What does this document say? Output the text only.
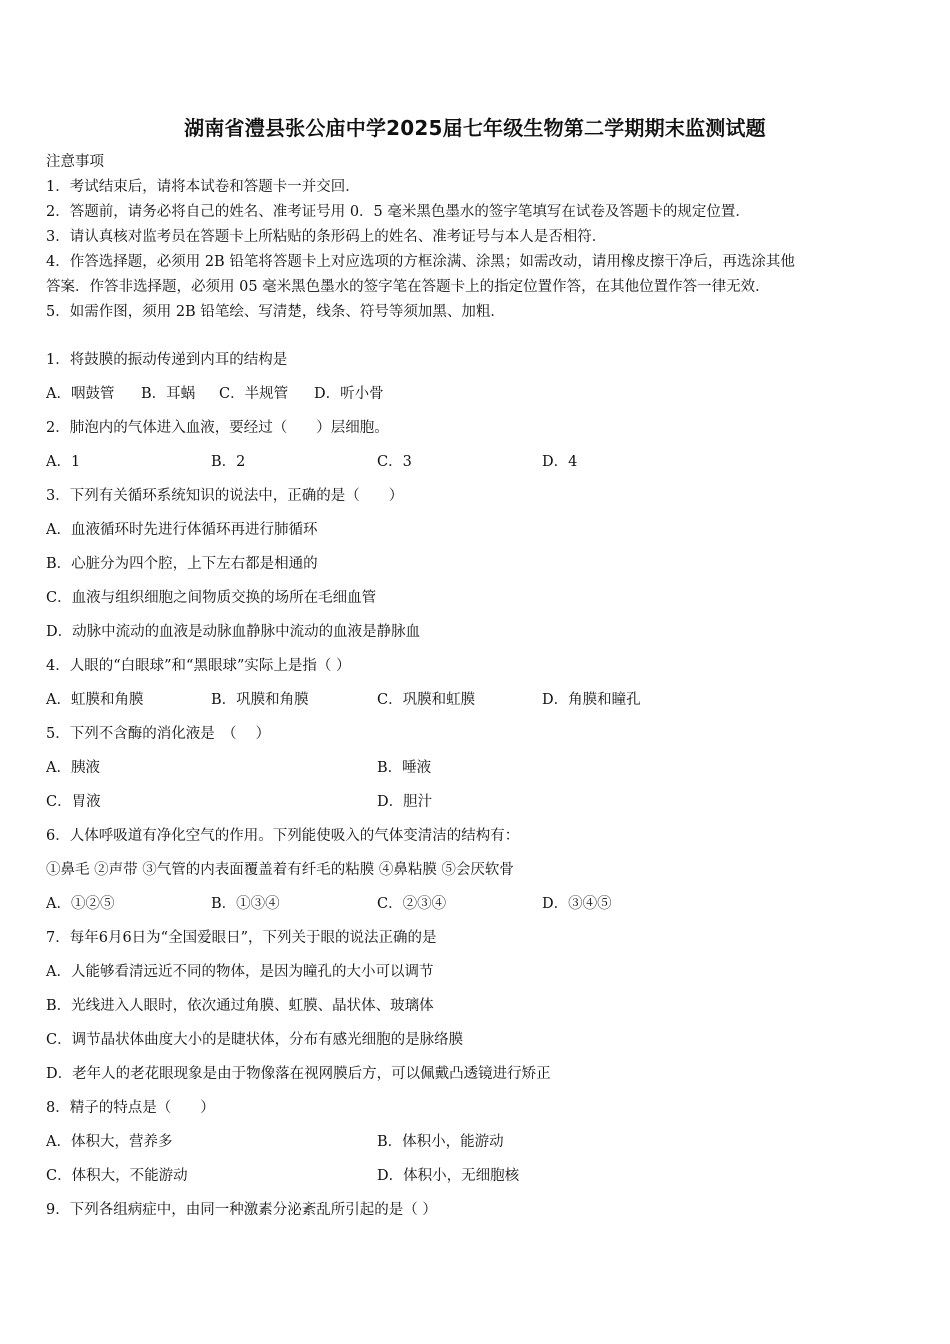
湖南省澧县张公庙中学2025届七年级生物第二学期期末监测试题
注意事项
1．考试结束后，请将本试卷和答题卡一并交回．
2．答题前，请务必将自己的姓名、准考证号用 0．5 毫米黑色墨水的签字笔填写在试卷及答题卡的规定位置．
3．请认真核对监考员在答题卡上所粘贴的条形码上的姓名、准考证号与本人是否相符．
4．作答选择题，必须用 2B 铅笔将答题卡上对应选项的方框涂满、涂黑；如需改动，请用橡皮擦干净后，再选涂其他
答案．作答非选择题，必须用 05 毫米黑色墨水的签字笔在答题卡上的指定位置作答，在其他位置作答一律无效．
5．如需作图，须用 2B 铅笔绘、写清楚，线条、符号等须加黑、加粗．
1．将鼓膜的振动传递到内耳的结构是
A．咽鼓管 B．耳蜗 C．半规管 D．听小骨
2．肺泡内的气体进入血液，要经过（　　）层细胞。
A．1	B．2	C．3	D．4
3．下列有关循环系统知识的说法中，正确的是（　　）
A．血液循环时先进行体循环再进行肺循环
B．心脏分为四个腔，上下左右都是相通的
C．血液与组织细胞之间物质交换的场所在毛细血管
D．动脉中流动的血液是动脉血静脉中流动的血液是静脉血
4．人眼的“白眼球”和“黑眼球”实际上是指（ ）
A．虹膜和角膜	B．巩膜和角膜	C．巩膜和虹膜	D．角膜和瞳孔
5．下列不含酶的消化液是　（　 ）
A．胰液	B．唾液
C．胃液	D．胆汁
6．人体呼吸道有净化空气的作用。下列能使吸入的气体变清洁的结构有：
①鼻毛 ②声带 ③气管的内表面覆盖着有纤毛的粘膜 ④鼻粘膜 ⑤会厌软骨
A．①②⑤	B．①③④	C．②③④	D．③④⑤
7．每年6月6日为“全国爱眼日”，下列关于眼的说法正确的是
A．人能够看清远近不同的物体，是因为瞳孔的大小可以调节
B．光线进入人眼时，依次通过角膜、虹膜、晶状体、玻璃体
C．调节晶状体曲度大小的是睫状体，分布有感光细胞的是脉络膜
D．老年人的老花眼现象是由于物像落在视网膜后方，可以佩戴凸透镜进行矫正
8．精子的特点是（　　）
A．体积大，营养多	B．体积小，能游动
C．体积大，不能游动	D．体积小，无细胞核
9．下列各组病症中，由同一种激素分泌紊乱所引起的是（ ）
